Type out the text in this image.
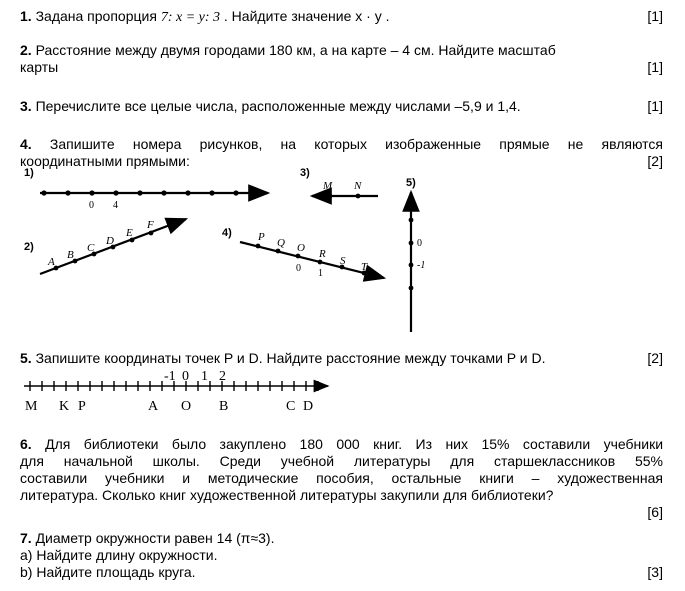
1. Задана пропорция 7: x = y: 3 . Найдите значение х · у .	[1]
2. Расстояние между двумя городами 180 км, а на карте – 4 см. Найдите масштаб
карты	[1]
3. Перечислите все целые числа, расположенные между числами –5,9 и 1,4.	[1]
4. Запишите номера рисунков, на которых изображенные прямые не являются
координатными прямыми:	[2]
1)
0 4
2)
A
B
C
D
E
F
3)
M N
4) P Q O R
S T
0 1
5)
0
-1
5. Запишите координаты точек P и D. Найдите расстояние между точками P и D.	[2]
-1 0 1 2
M K P	A O B	C D
6. Для библиотеки было закуплено 180 000 книг. Из них 15% составили учебники
для начальной школы. Среди учебной литературы для старшеклассников 55%
составили учебники и методические пособия, остальные книги – художественная
литература. Сколько книг художественной литературы закупили для библиотеки?
[6]
7. Диаметр окружности равен 14 (π≈3).
a) Найдите длину окружности.
b) Найдите площадь круга.	[3]
